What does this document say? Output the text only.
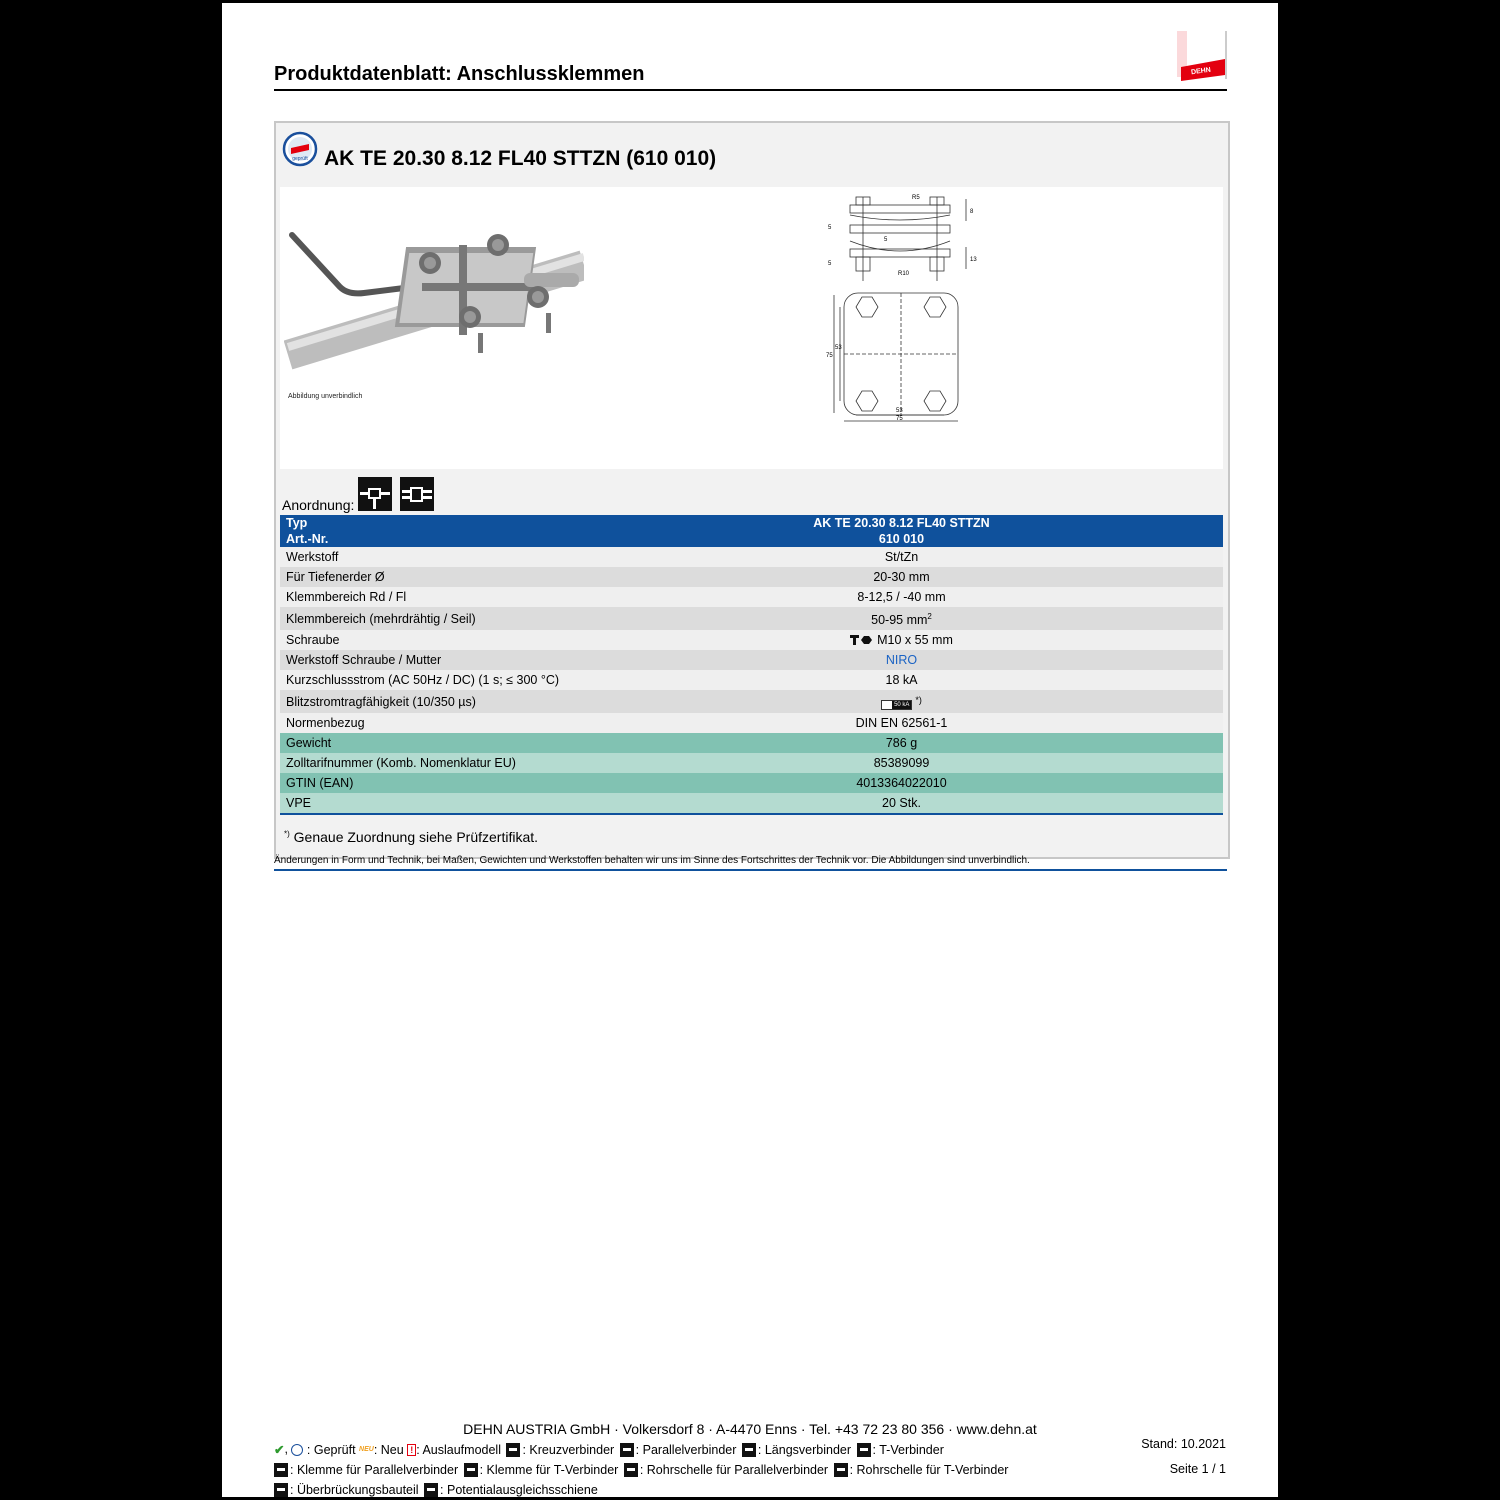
Produktdatenblatt: Anschlussklemmen	DEHN
geprüft AK TE 20.30 8.12 FL40 STTZN (610 010)
Abbildung unverbindlich
R5
R10
8
5
5
5
13
75
53
53
75
Anordnung:
Typ	AK TE 20.30 8.12 FL40 STTZN
Art.-Nr.	610 010
Werkstoff	St/tZn
Für Tiefenerder Ø	20-30 mm
Klemmbereich Rd / Fl	8-12,5 / -40 mm
Klemmbereich (mehrdrähtig / Seil)	50-95 $mm^2$
Schraube	M10 x 55 mm
Werkstoff Schraube / Mutter	NIRO
Kurzschlussstrom (AC 50Hz / DC) (1 s; ≤ 300 °C)	18 kA
Blitzstromtragfähigkeit (10/350 µs)	50 kA *)
Normenbezug	DIN EN 62561-1
Gewicht	786 g
Zolltarifnummer (Komb. Nomenklatur EU)	85389099
GTIN (EAN)	4013364022010
VPE	20 Stk.
*) Genaue Zuordnung siehe Prüfzertifikat.
Änderungen in Form und Technik, bei Maßen, Gewichten und Werkstoffen behalten wir uns im Sinne des Fortschrittes der Technik vor. Die Abbildungen sind unverbindlich.
DEHN AUSTRIA GmbH · Volkersdorf 8 · A-4470 Enns · Tel. +43 72 23 80 356 · www.dehn.at
Stand: 10.2021
Seite 1 / 1
✔,  : Geprüft NEU: Neu ! : Auslaufmodell : Kreuzverbinder : Parallelverbinder : Längsverbinder : T-Verbinder
: Klemme für Parallelverbinder : Klemme für T-Verbinder : Rohrschelle für Parallelverbinder : Rohrschelle für T-Verbinder
: Überbrückungsbauteil : Potentialausgleichsschiene
